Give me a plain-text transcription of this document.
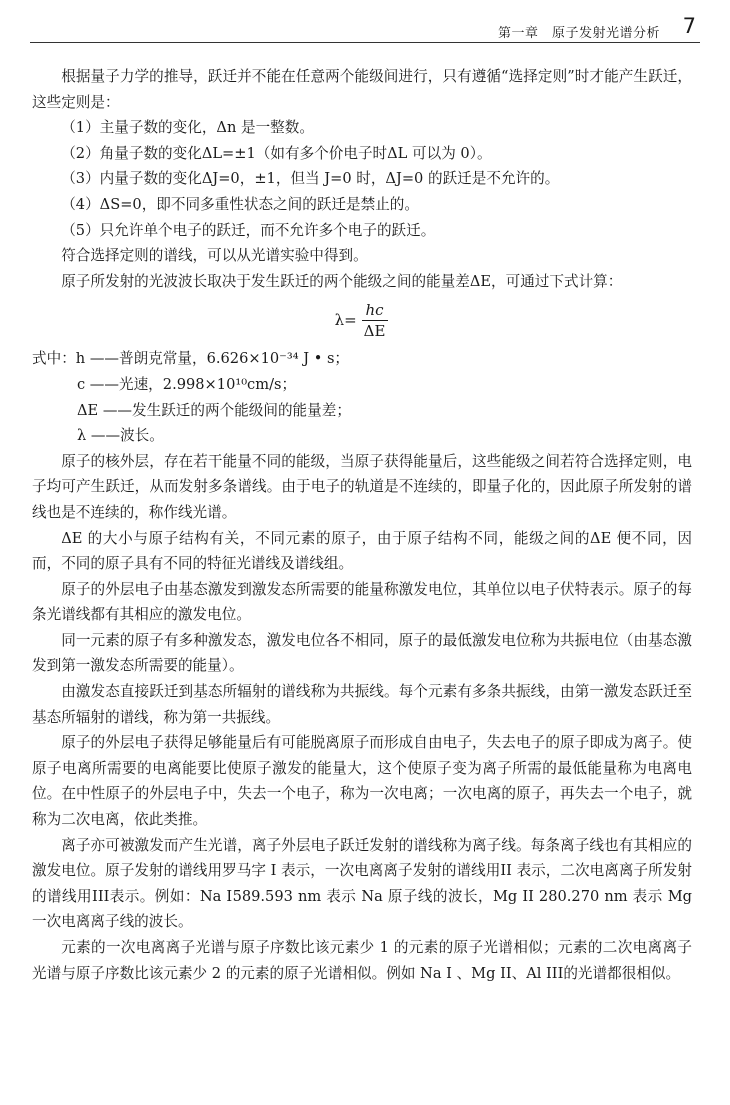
第一章　原子发射光谱分析 7

根据量子力学的推导，跃迁并不能在任意两个能级间进行，只有遵循“选择定则”时才能产生跃迁，这些定则是：

（1）主量子数的变化，Δn 是一整数。

（2）角量子数的变化ΔL=±1（如有多个价电子时ΔL 可以为 0）。

（3）内量子数的变化ΔJ=0，±1，但当 J=0 时，ΔJ=0 的跃迁是不允许的。

（4）ΔS=0，即不同多重性状态之间的跃迁是禁止的。

（5）只允许单个电子的跃迁，而不允许多个电子的跃迁。

符合选择定则的谱线，可以从光谱实验中得到。

原子所发射的光波波长取决于发生跃迁的两个能级之间的能量差ΔE，可通过下式计算：

$\lambda= \frac{hc}{\Delta E}$

式中：h ——普朗克常量，6.626×10⁻³⁴ J • s；

c ——光速，2.998×10¹⁰cm/s；

ΔE ——发生跃迁的两个能级间的能量差；

λ ——波长。

原子的核外层，存在若干能量不同的能级，当原子获得能量后，这些能级之间若符合选择定则，电子均可产生跃迁，从而发射多条谱线。由于电子的轨道是不连续的，即量子化的，因此原子所发射的谱线也是不连续的，称作线光谱。

ΔE 的大小与原子结构有关，不同元素的原子，由于原子结构不同，能级之间的ΔE 便不同，因而，不同的原子具有不同的特征光谱线及谱线组。

原子的外层电子由基态激发到激发态所需要的能量称激发电位，其单位以电子伏特表示。原子的每条光谱线都有其相应的激发电位。

同一元素的原子有多种激发态，激发电位各不相同，原子的最低激发电位称为共振电位（由基态激发到第一激发态所需要的能量）。

由激发态直接跃迁到基态所辐射的谱线称为共振线。每个元素有多条共振线，由第一激发态跃迁至基态所辐射的谱线，称为第一共振线。

原子的外层电子获得足够能量后有可能脱离原子而形成自由电子，失去电子的原子即成为离子。使原子电离所需要的电离能要比使原子激发的能量大，这个使原子变为离子所需的最低能量称为电离电位。在中性原子的外层电子中，失去一个电子，称为一次电离；一次电离的原子，再失去一个电子，就称为二次电离，依此类推。

离子亦可被激发而产生光谱，离子外层电子跃迁发射的谱线称为离子线。每条离子线也有其相应的激发电位。原子发射的谱线用罗马字 I 表示，一次电离离子发射的谱线用II 表示，二次电离离子所发射的谱线用III表示。例如：Na Ⅰ589.593 nm 表示 Na 原子线的波长，Mg II 280.270 nm 表示 Mg 一次电离离子线的波长。

元素的一次电离离子光谱与原子序数比该元素少 1 的元素的原子光谱相似；元素的二次电离离子光谱与原子序数比该元素少 2 的元素的原子光谱相似。例如 Na I 、Mg II、Al III的光谱都很相似。
